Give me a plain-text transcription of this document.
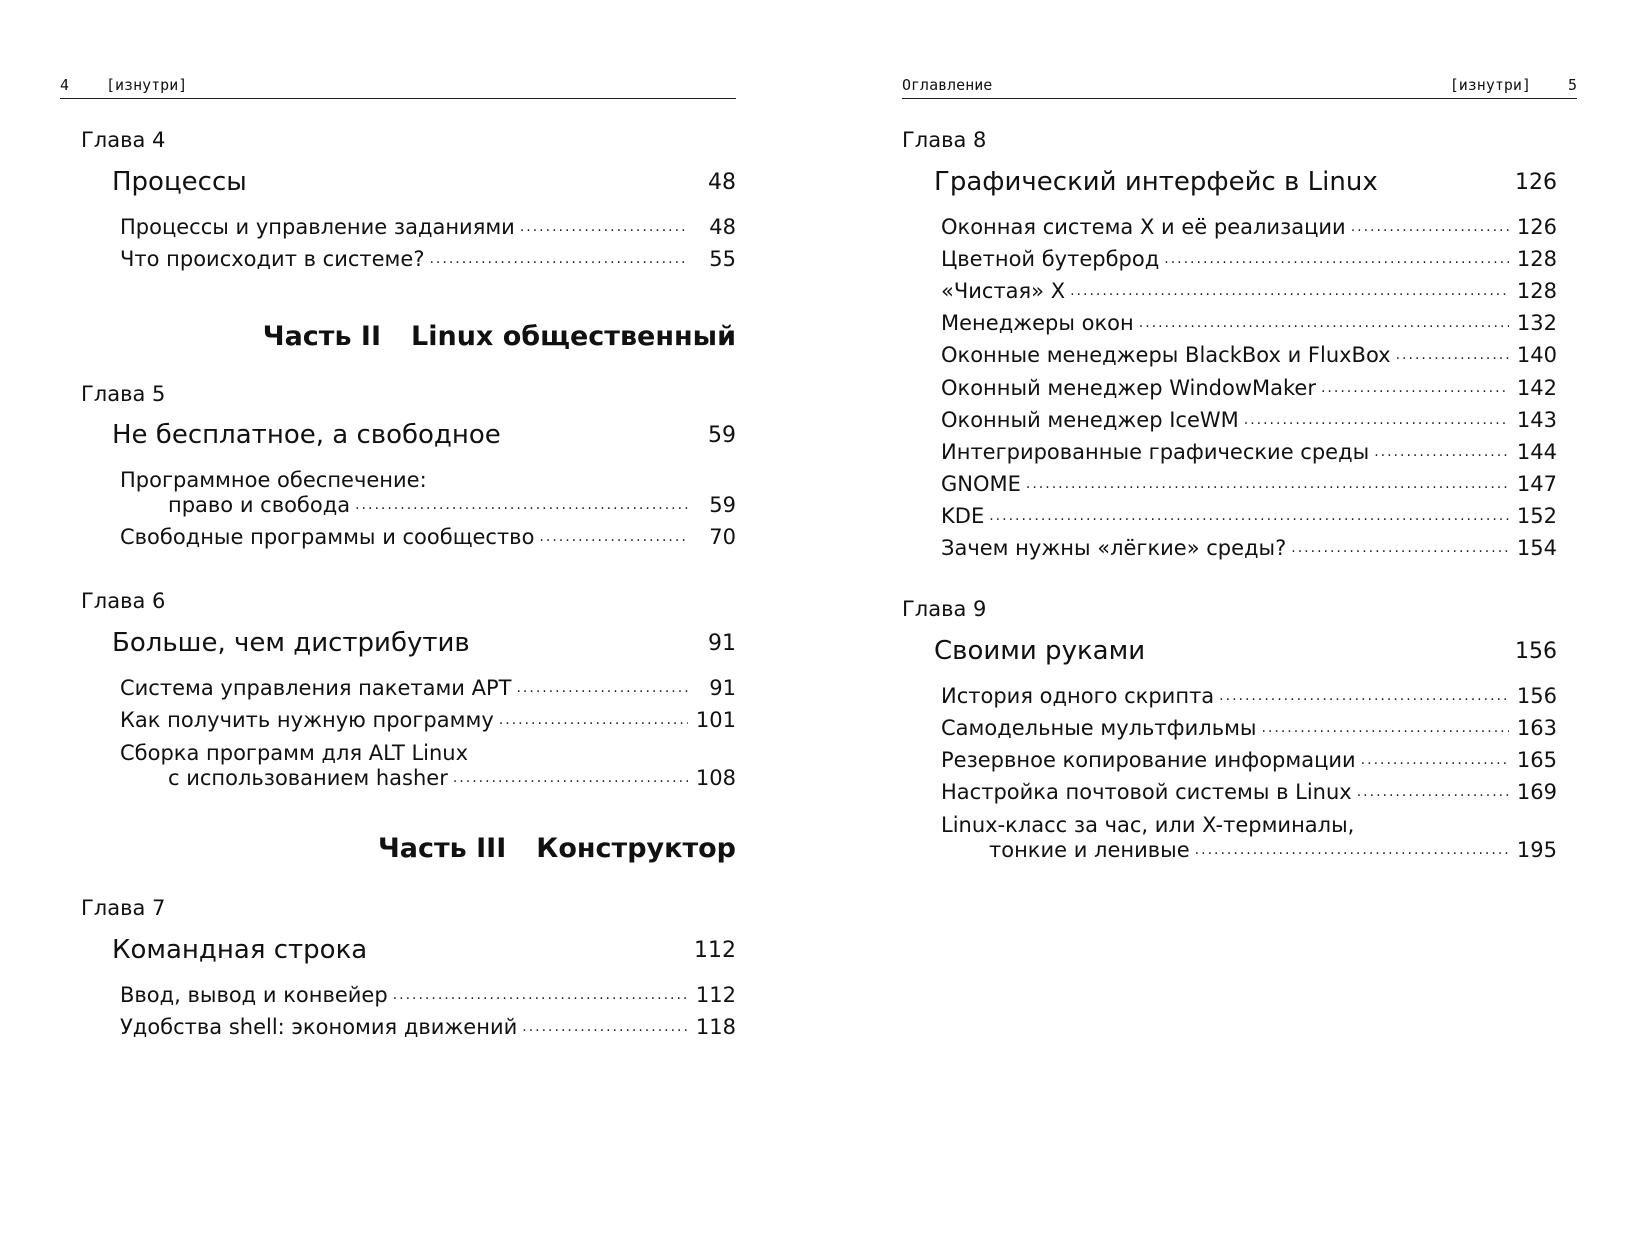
4 [изнутри]
Глава 4
Процессы	48
Процессы и управление заданиями .....	48
Что происходит в системе? .....	55
Часть II Linux общественный
Глава 5
Не бесплатное, а свободное	59
Программное обеспечение:
право и свобода .....	59
Свободные программы и сообщество .....	70
Глава 6
Больше, чем дистрибутив	91
Система управления пакетами APT .....	91
Как получить нужную программу .....	101
Сборка программ для ALT Linux
с использованием hasher .....	108
Часть III Конструктор
Глава 7
Командная строка	112
Ввод, вывод и конвейер .....	112
Удобства shell: экономия движений .....	118
Оглавление	[изнутри] 5
Глава 8
Графический интерфейс в Linux	126
Оконная система X и её реализации .....	126
Цветной бутерброд .....	128
«Чистая» X .....	128
Менеджеры окон .....	132
Оконные менеджеры BlackBox и FluxBox .....	140
Оконный менеджер WindowMaker .....	142
Оконный менеджер IceWM .....	143
Интегрированные графические среды .....	144
GNOME .....	147
KDE .....	152
Зачем нужны «лёгкие» среды? .....	154
Глава 9
Своими руками	156
История одного скрипта .....	156
Самодельные мультфильмы .....	163
Резервное копирование информации .....	165
Настройка почтовой системы в Linux .....	169
Linux-класс за час, или X-терминалы,
тонкие и ленивые .....	195
